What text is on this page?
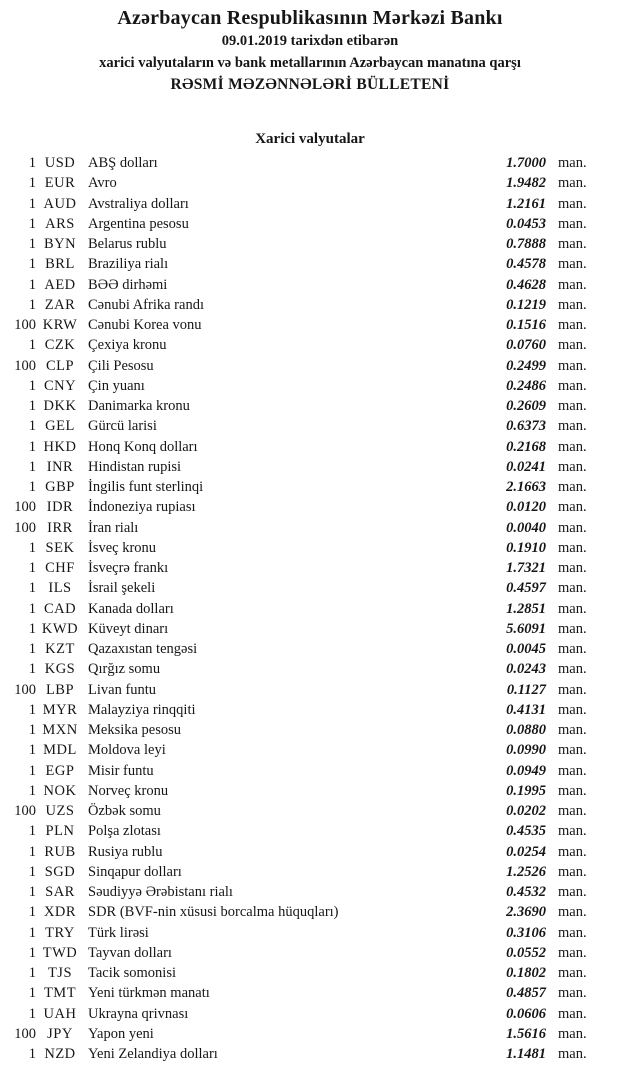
Azərbaycan Respublikasının Mərkəzi Bankı
09.01.2019 tarixdən etibarən
xarici valyutaların və bank metallarının Azərbaycan manatına qarşı
RƏSMİ MƏZƏNNƏLƏRİ BÜLLETENİ
Xarici valyutalar
1 USD ABŞ dolları	1.7000 man.
1 EUR Avro	1.9482 man.
1 AUD Avstraliya dolları	1.2161 man.
1 ARS Argentina pesosu	0.0453 man.
1 BYN Belarus rublu	0.7888 man.
1 BRL Braziliya rialı	0.4578 man.
1 AED BƏƏ dirhəmi	0.4628 man.
1 ZAR Cənubi Afrika randı	0.1219 man.
100 KRW Cənubi Korea vonu	0.1516 man.
1 CZK Çexiya kronu	0.0760 man.
100 CLP Çili Pesosu	0.2499 man.
1 CNY Çin yuanı	0.2486 man.
1 DKK Danimarka kronu	0.2609 man.
1 GEL Gürcü larisi	0.6373 man.
1 HKD Honq Konq dolları	0.2168 man.
1 INR	Hindistan rupisi	0.0241 man.
1 GBP İngilis funt sterlinqi	2.1663 man.
100 IDR	İndoneziya rupiası	0.0120 man.
100 IRR	İran rialı	0.0040 man.
1 SEK İsveç kronu	0.1910 man.
1 CHF İsveçrə frankı	1.7321 man.
1 ILS	İsrail şekeli	0.4597 man.
1 CAD Kanada dolları	1.2851 man.
1 KWD Küveyt dinarı	5.6091 man.
1 KZT Qazaxıstan tengəsi	0.0045 man.
1 KGS Qırğız somu	0.0243 man.
100 LBP Livan funtu	0.1127 man.
1 MYR Malayziya rinqqiti	0.4131 man.
1 MXN Meksika pesosu	0.0880 man.
1 MDL Moldova leyi	0.0990 man.
1 EGP Misir funtu	0.0949 man.
1 NOK Norveç kronu	0.1995 man.
100 UZS Özbək somu	0.0202 man.
1 PLN Polşa zlotası	0.4535 man.
1 RUB Rusiya rublu	0.0254 man.
1 SGD Sinqapur dolları	1.2526 man.
1 SAR Səudiyyə Ərəbistanı rialı	0.4532 man.
1 XDR SDR (BVF-nin xüsusi borcalma hüquqları)	2.3690 man.
1 TRY Türk lirəsi	0.3106 man.
1 TWD Tayvan dolları	0.0552 man.
1 TJS	Tacik somonisi	0.1802 man.
1 TMT Yeni türkmən manatı	0.4857 man.
1 UAH Ukrayna qrivnası	0.0606 man.
100 JPY	Yapon yeni	1.5616 man.
1 NZD Yeni Zelandiya dolları	1.1481 man.
